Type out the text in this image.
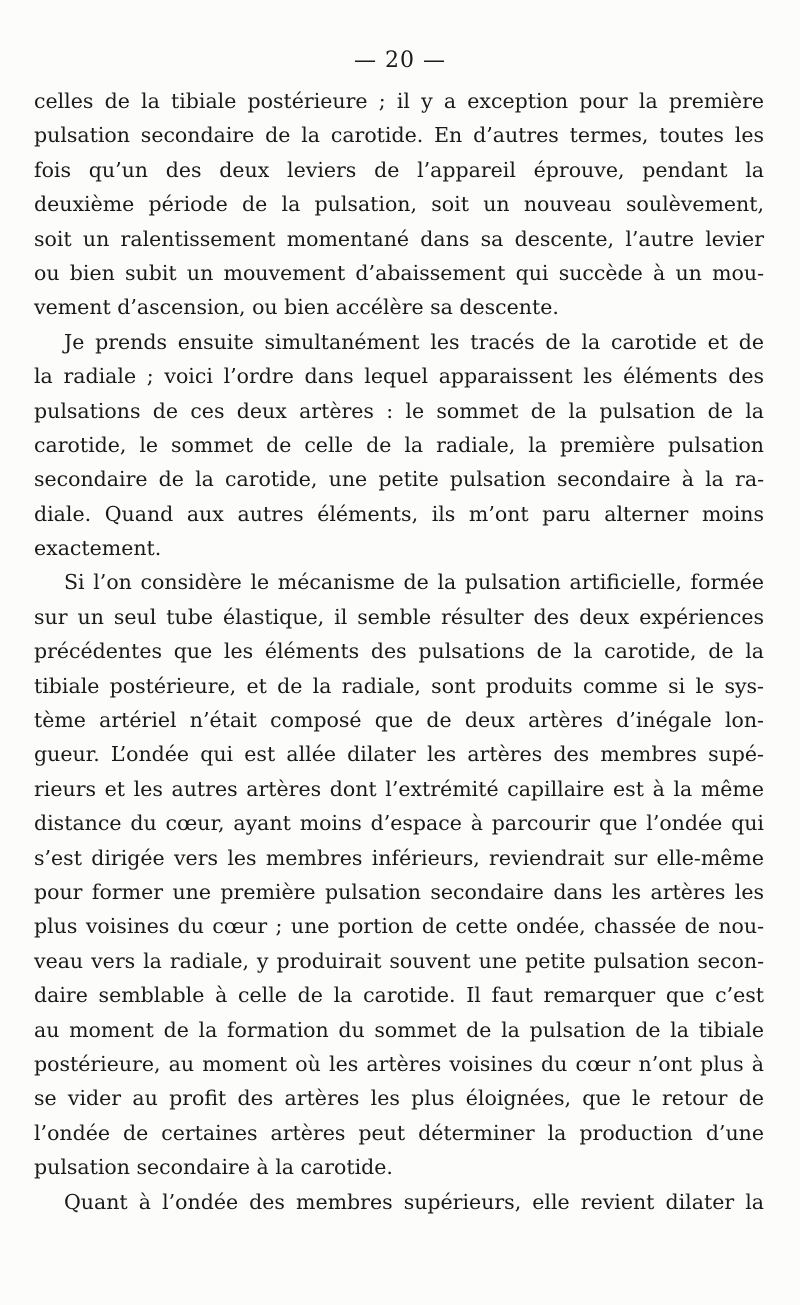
— 20 —
celles de la tibiale postérieure ; il y a exception pour la première
pulsation secondaire de la carotide. En d’autres termes, toutes les
fois qu’un des deux leviers de l’appareil éprouve, pendant la
deuxième période de la pulsation, soit un nouveau soulèvement,
soit un ralentissement momentané dans sa descente, l’autre levier
ou bien subit un mouvement d’abaissement qui succède à un mou-
vement d’ascension, ou bien accélère sa descente.
Je prends ensuite simultanément les tracés de la carotide et de
la radiale ; voici l’ordre dans lequel apparaissent les éléments des
pulsations de ces deux artères : le sommet de la pulsation de la
carotide, le sommet de celle de la radiale, la première pulsation
secondaire de la carotide, une petite pulsation secondaire à la ra-
diale. Quand aux autres éléments, ils m’ont paru alterner moins
exactement.
Si l’on considère le mécanisme de la pulsation artificielle, formée
sur un seul tube élastique, il semble résulter des deux expériences
précédentes que les éléments des pulsations de la carotide, de la
tibiale postérieure, et de la radiale, sont produits comme si le sys-
tème artériel n’était composé que de deux artères d’inégale lon-
gueur. L’ondée qui est allée dilater les artères des membres supé-
rieurs et les autres artères dont l’extrémité capillaire est à la même
distance du cœur, ayant moins d’espace à parcourir que l’ondée qui
s’est dirigée vers les membres inférieurs, reviendrait sur elle-même
pour former une première pulsation secondaire dans les artères les
plus voisines du cœur ; une portion de cette ondée, chassée de nou-
veau vers la radiale, y produirait souvent une petite pulsation secon-
daire semblable à celle de la carotide. Il faut remarquer que c’est
au moment de la formation du sommet de la pulsation de la tibiale
postérieure, au moment où les artères voisines du cœur n’ont plus à
se vider au profit des artères les plus éloignées, que le retour de
l’ondée de certaines artères peut déterminer la production d’une
pulsation secondaire à la carotide.
Quant à l’ondée des membres supérieurs, elle revient dilater la
